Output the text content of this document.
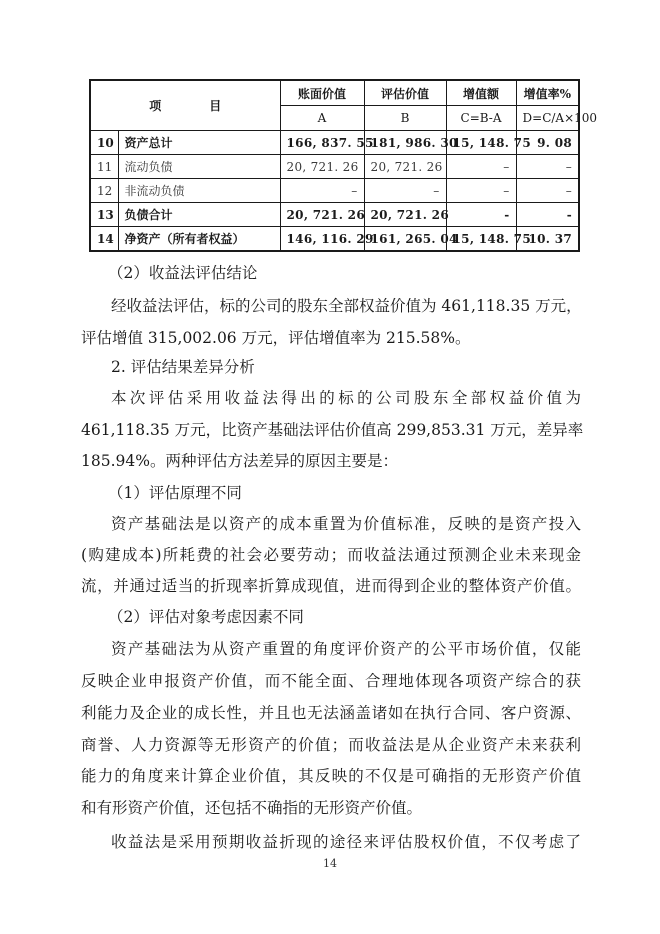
项　　　　目		账面价值	评估价值	增值额	增值率%
		A	B	C=B-A	D=C/A×100
10	资产总计	166, 837. 55	181, 986. 30	15, 148. 75	9. 08
11	流动负债	20, 721. 26	20, 721. 26	–	–
12	非流动负债	–	–	–	–
13	负债合计	20, 721. 26	20, 721. 26	-	-
14	净资产（所有者权益）	146, 116. 29	161, 265. 04	15, 148. 75	10. 37

（2）收益法评估结论

经收益法评估，标的公司的股东全部权益价值为 461,118.35 万元，

评估增值 315,002.06 万元，评估增值率为 215.58%。

2. 评估结果差异分析

本次评估采用收益法得出的标的公司股东全部权益价值为

461,118.35 万元，比资产基础法评估价值高 299,853.31 万元，差异率

185.94%。两种评估方法差异的原因主要是：

（1）评估原理不同

资产基础法是以资产的成本重置为价值标准，反映的是资产投入

(购建成本)所耗费的社会必要劳动；而收益法通过预测企业未来现金

流，并通过适当的折现率折算成现值，进而得到企业的整体资产价值。

（2）评估对象考虑因素不同

资产基础法为从资产重置的角度评价资产的公平市场价值，仅能

反映企业申报资产价值，而不能全面、合理地体现各项资产综合的获

利能力及企业的成长性，并且也无法涵盖诸如在执行合同、客户资源、

商誉、人力资源等无形资产的价值；而收益法是从企业资产未来获利

能力的角度来计算企业价值，其反映的不仅是可确指的无形资产价值

和有形资产价值，还包括不确指的无形资产价值。

收益法是采用预期收益折现的途径来评估股权价值，不仅考虑了

14
